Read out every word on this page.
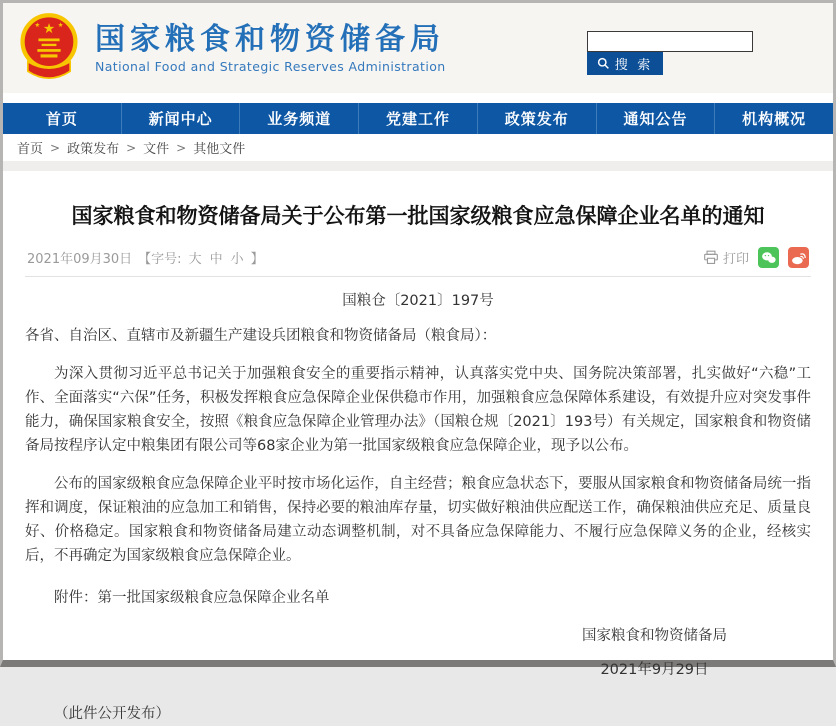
★
★	★ 国家粮食和物资储备局
National Food and Strategic Reserves Administration	搜 索
首页	新闻中心	业务频道	党建工作	政策发布	通知公告	机构概况
首页 > 政策发布 > 文件 > 其他文件
国家粮食和物资储备局关于公布第一批国家级粮食应急保障企业名单的通知
2021年09月30日 【字号: 大 中 小 】	打印
国粮仓〔2021〕197号
各省、自治区、直辖市及新疆生产建设兵团粮食和物资储备局（粮食局）：

为深入贯彻习近平总书记关于加强粮食安全的重要指示精神，认真落实党中央、国务院决策部署，扎实做好“六稳”工作、全面落实“六保”任务，积极发挥粮食应急保障企业保供稳市作用，加强粮食应急保障体系建设，有效提升应对突发事件能力，确保国家粮食安全，按照《粮食应急保障企业管理办法》（国粮仓规〔2021〕193号）有关规定，国家粮食和物资储备局按程序认定中粮集团有限公司等68家企业为第一批国家级粮食应急保障企业，现予以公布。

公布的国家级粮食应急保障企业平时按市场化运作，自主经营；粮食应急状态下，要服从国家粮食和物资储备局统一指挥和调度，保证粮油的应急加工和销售，保持必要的粮油库存量，切实做好粮油供应配送工作，确保粮油供应充足、质量良好、价格稳定。国家粮食和物资储备局建立动态调整机制，对不具备应急保障能力、不履行应急保障义务的企业，经核实后，不再确定为国家级粮食应急保障企业。

附件：第一批国家级粮食应急保障企业名单
国家粮食和物资储备局
2021年9月29日
（此件公开发布）
